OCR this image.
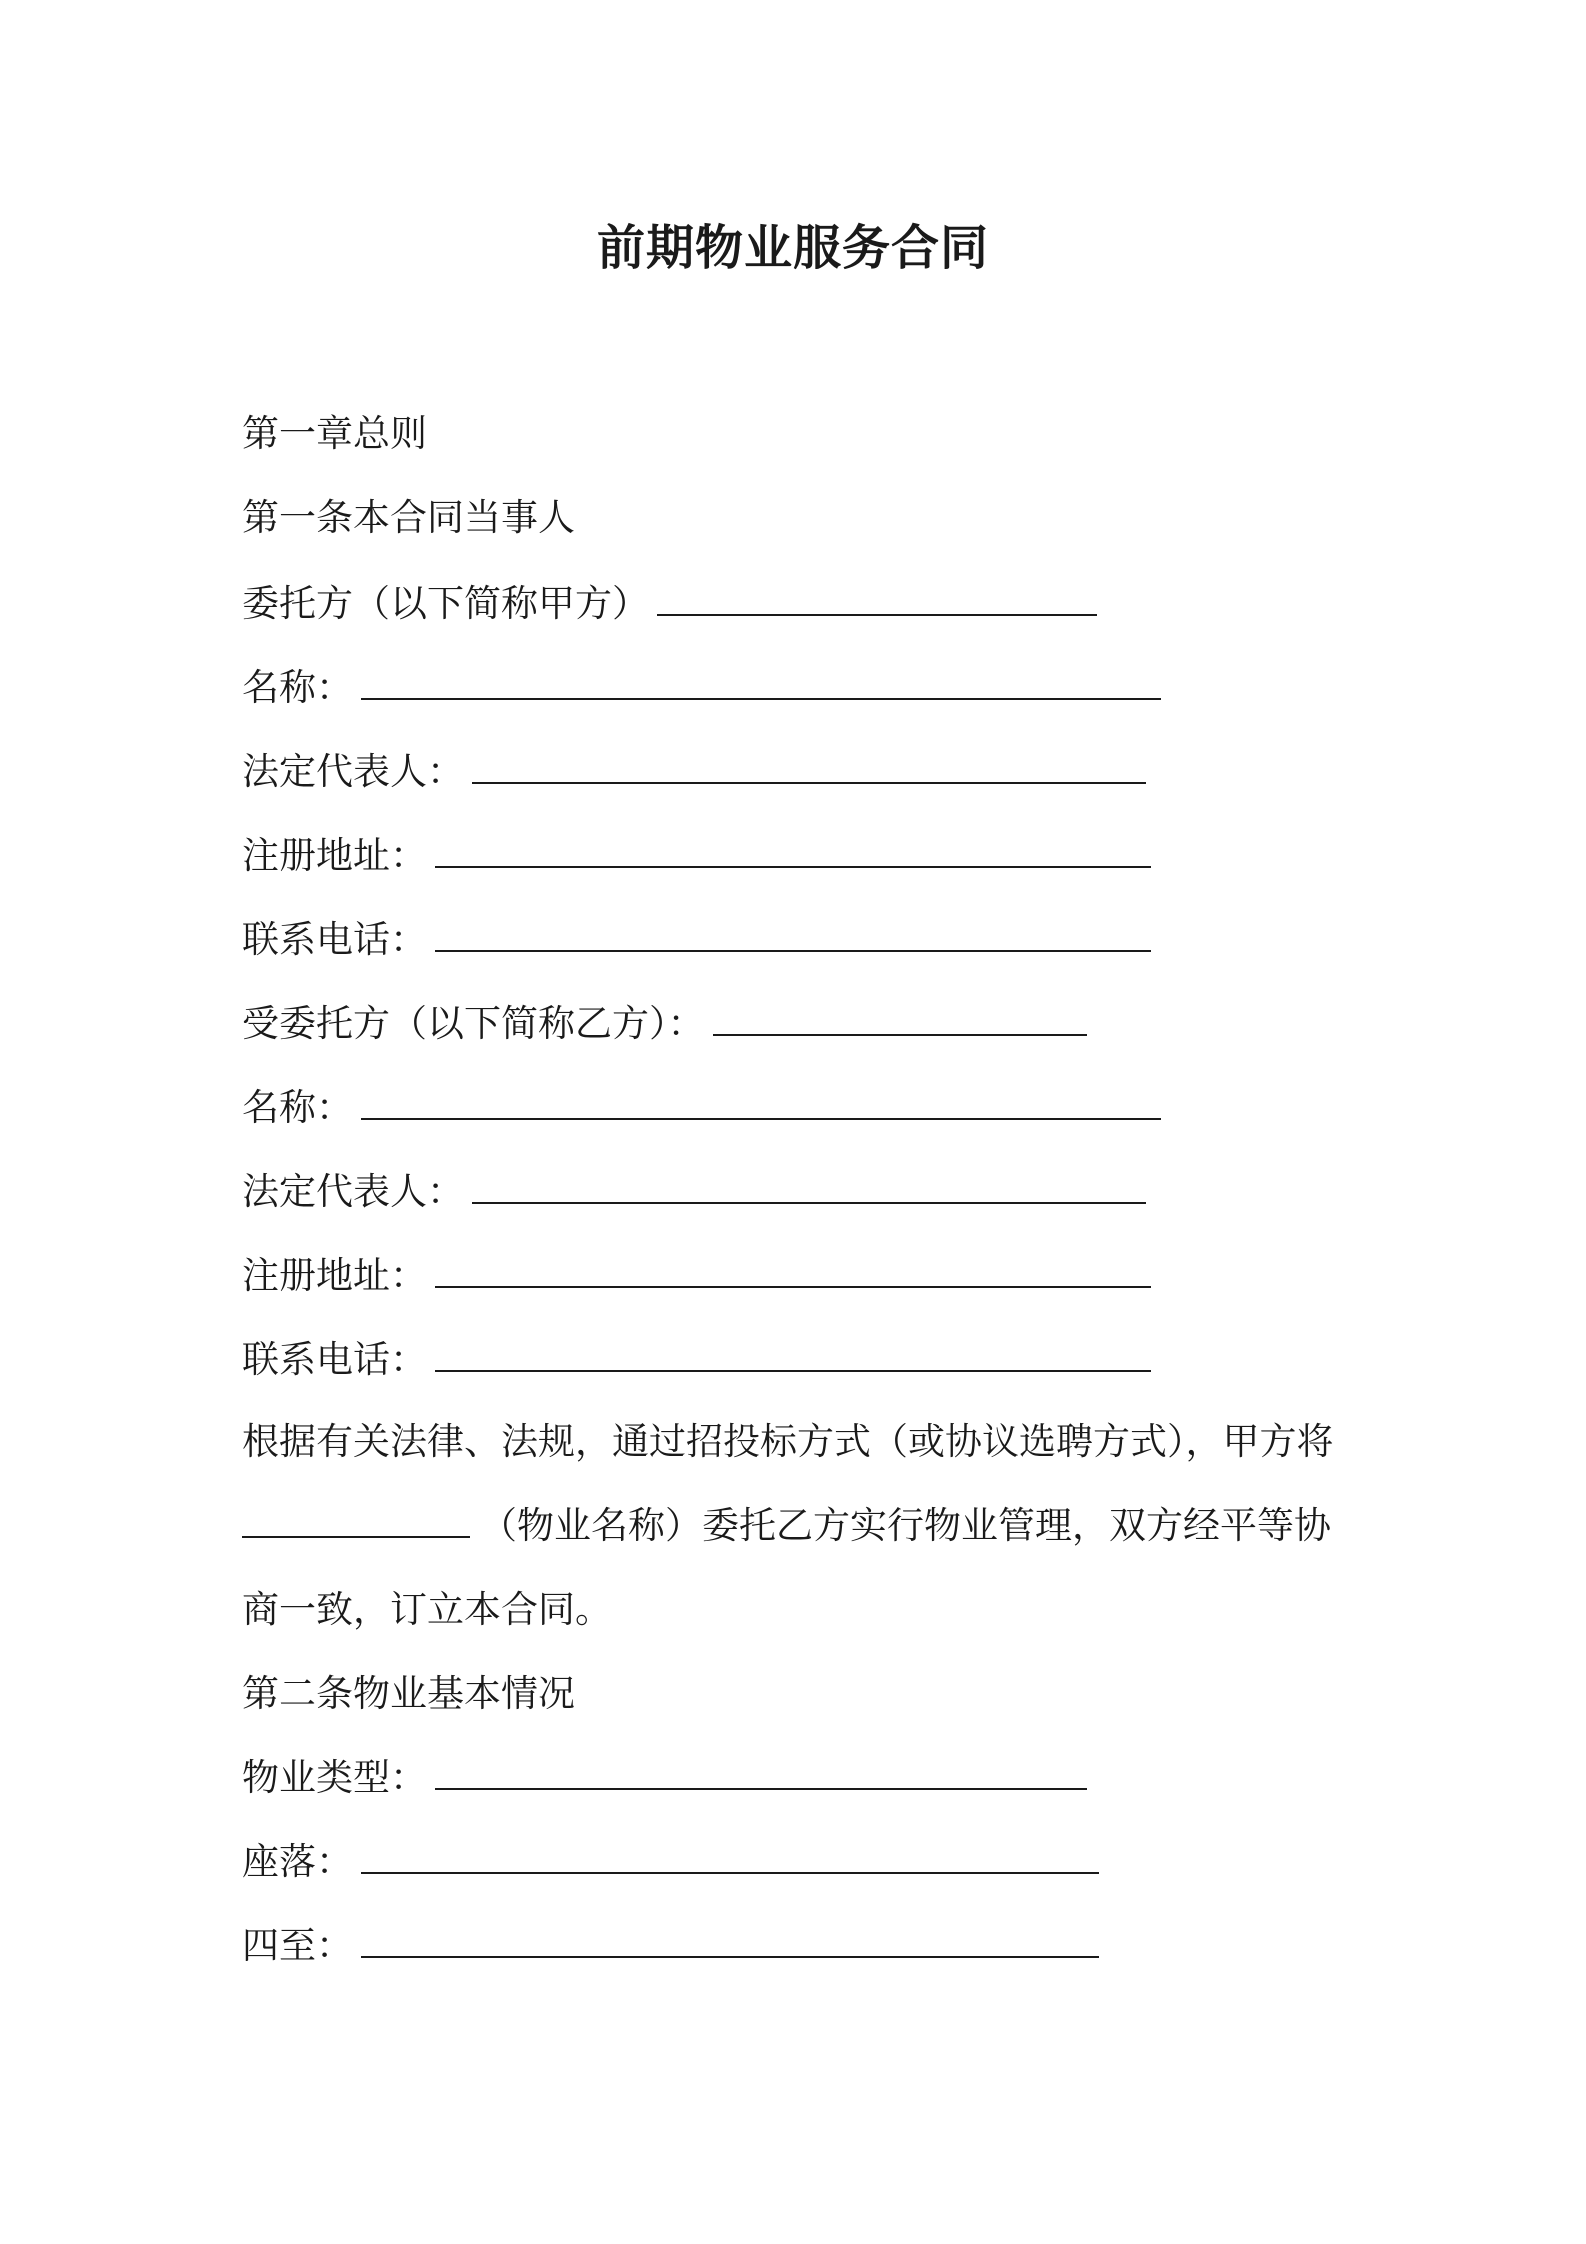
前期物业服务合同

第一章总则

第一条本合同当事人

委托方（以下简称甲方）

名称：

法定代表人：

注册地址：

联系电话：

受委托方（以下简称乙方）：

名称：

法定代表人：

注册地址：

联系电话：

根据有关法律、法规，通过招投标方式（或协议选聘方式），甲方将

（物业名称）委托乙方实行物业管理，双方经平等协

商一致，订立本合同。

第二条物业基本情况

物业类型：

座落：

四至：
